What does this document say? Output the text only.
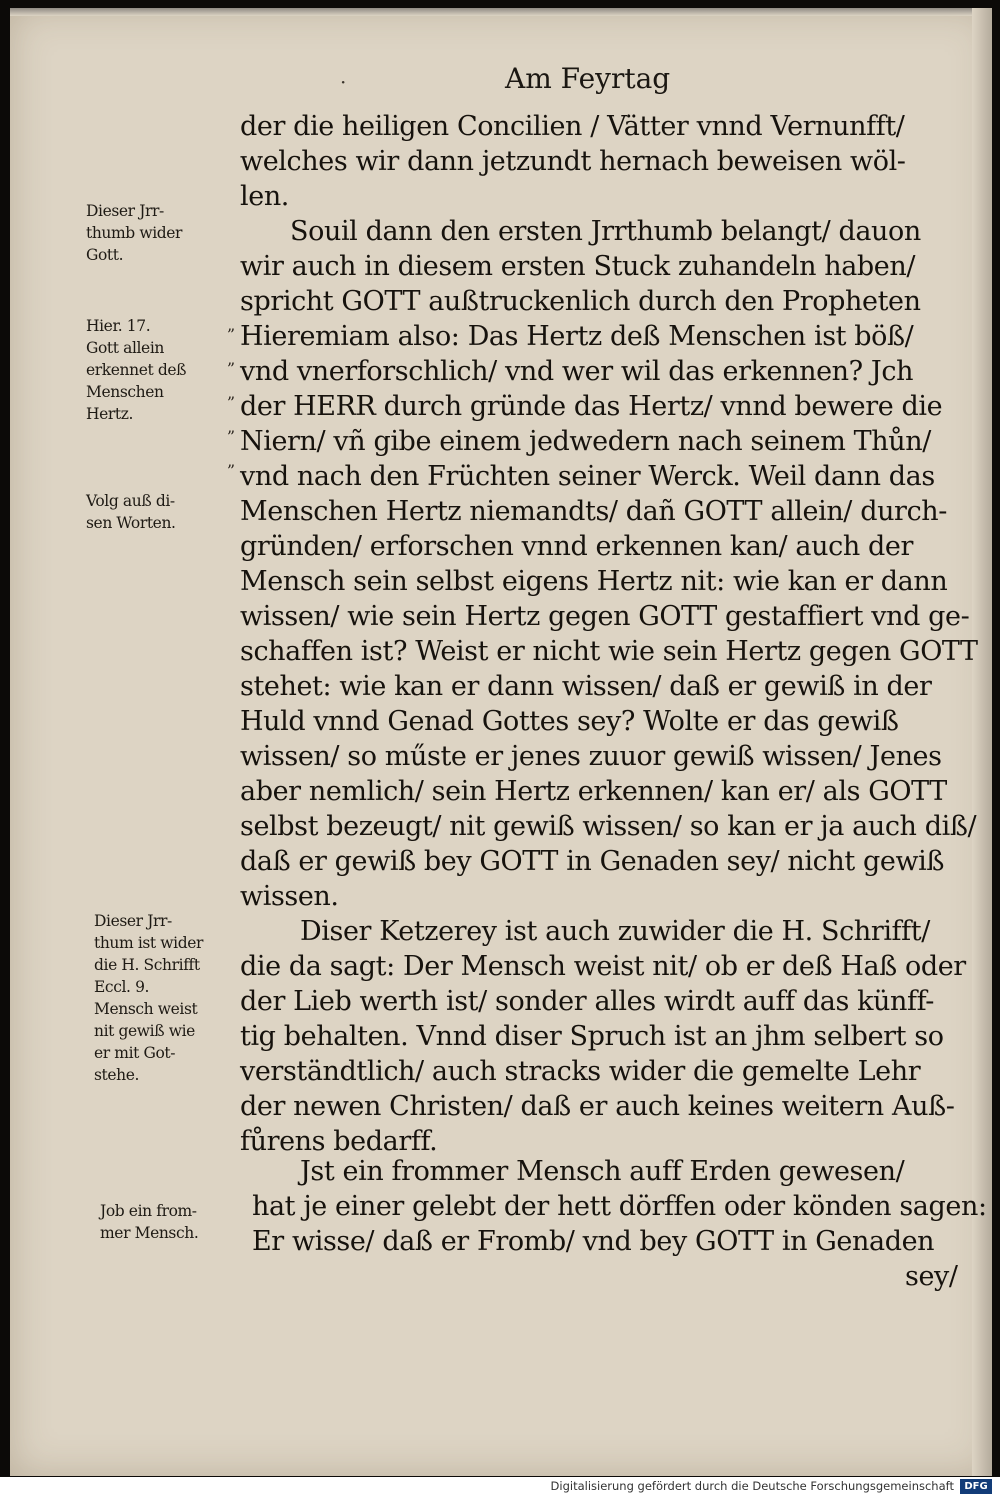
·	Am Feyrtag
der die heiligen Concilien / Vätter vnnd Vernunfft/
welches wir dann jetzundt hernach beweisen wöl-
len.
Souil dann den ersten Jrrthumb belangt/ dauon
wir auch in diesem ersten Stuck zuhandeln haben/
spricht GOTT außtruckenlich durch den Propheten
Hieremiam also: Das Hertz deß Menschen ist böß/
vnd vnerforschlich/ vnd wer wil das erkennen? Jch
der HERR durch gründe das Hertz/ vnnd bewere die
Niern/ vñ gibe einem jedwedern nach seinem Thůn/
vnd nach den Früchten seiner Werck. Weil dann das
Menschen Hertz niemandts/ dañ GOTT allein/ durch-
gründen/ erforschen vnnd erkennen kan/ auch der
Mensch sein selbst eigens Hertz nit: wie kan er dann
wissen/ wie sein Hertz gegen GOTT gestaffiert vnd ge-
schaffen ist? Weist er nicht wie sein Hertz gegen GOTT
stehet: wie kan er dann wissen/ daß er gewiß in der
Huld vnnd Genad Gottes sey? Wolte er das gewiß
wissen/ so műste er jenes zuuor gewiß wissen/ Jenes
aber nemlich/ sein Hertz erkennen/ kan er/ als GOTT
selbst bezeugt/ nit gewiß wissen/ so kan er ja auch diß/
daß er gewiß bey GOTT in Genaden sey/ nicht gewiß
wissen.
Diser Ketzerey ist auch zuwider die H. Schrifft/
die da sagt: Der Mensch weist nit/ ob er deß Haß oder
der Lieb werth ist/ sonder alles wirdt auff das künff-
tig behalten. Vnnd diser Spruch ist an jhm selbert so
verständtlich/ auch stracks wider die gemelte Lehr
der newen Christen/ daß er auch keines weitern Auß-
fůrens bedarff.
Jst ein frommer Mensch auff Erden gewesen/
hat je einer gelebt der hett dörffen oder könden sagen:
Er wisse/ daß er Fromb/ vnd bey GOTT in Genaden
sey/
”
”
”
”
”
Dieser Jrr-
thumb wider
Gott.
Hier. 17.
Gott allein
erkennet deß
Menschen
Hertz.
Volg auß di-
sen Worten.
Dieser Jrr-
thum ist wider
die H. Schrifft
Eccl. 9.
Mensch weist
nit gewiß wie
er mit Got-
stehe.
Job ein from-
mer Mensch.
Digitalisierung gefördert durch die Deutsche Forschungsgemeinschaft	DFG
